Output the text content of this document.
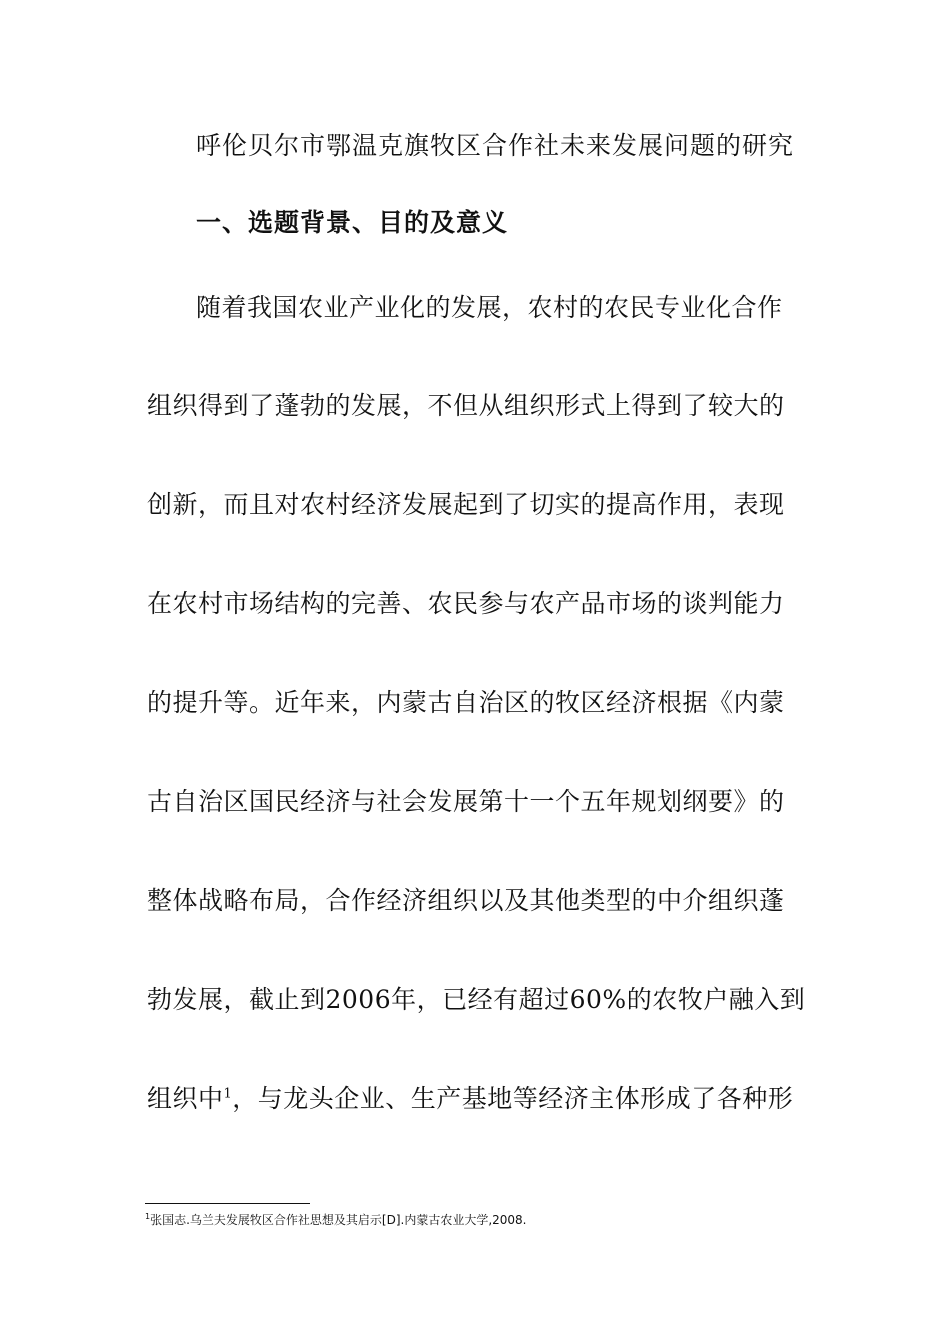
呼伦贝尔市鄂温克旗牧区合作社未来发展问题的研究
一、选题背景、目的及意义
随着我国农业产业化的发展，农村的农民专业化合作
组织得到了蓬勃的发展，不但从组织形式上得到了较大的
创新，而且对农村经济发展起到了切实的提高作用，表现
在农村市场结构的完善、农民参与农产品市场的谈判能力
的提升等。近年来，内蒙古自治区的牧区经济根据《内蒙
古自治区国民经济与社会发展第十一个五年规划纲要》的
整体战略布局，合作经济组织以及其他类型的中介组织蓬
勃发展，截止到2006年，已经有超过60%的农牧户融入到
组织中$^1$，与龙头企业、生产基地等经济主体形成了各种形
$^1$张国志.乌兰夫发展牧区合作社思想及其启示[D].内蒙古农业大学,2008.
